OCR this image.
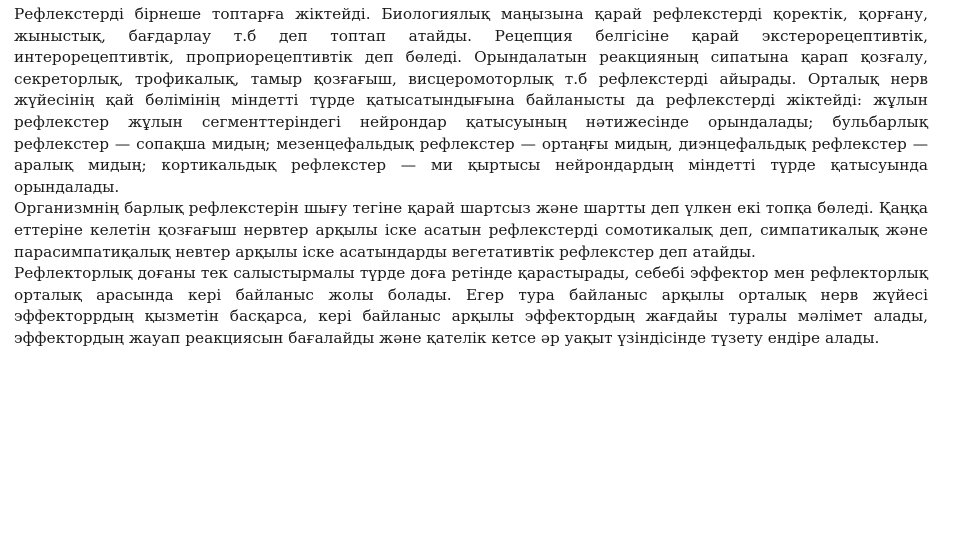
Рефлекстерді бірнеше топтарға жіктейді. Биологиялық маңызына қарай рефлекстерді қоректік, қорғану, жыныстық, бағдарлау т.б деп топтап атайды. Рецепция белгісіне қарай экстерорецептивтік, интерорецептивтік, проприорецептивтік деп бөледі. Орындалатын реакцияның сипатына қарап қозғалу, секреторлық, трофикалық, тамыр қозғағыш, висцеромоторлық т.б рефлекстерді айырады. Орталық нерв жүйесінің қай бөлімінің міндетті түрде қатысатындығына байланысты да рефлекстерді жіктейді: жұлын рефлекстер жұлын сегменттеріндегі нейрондар қатысуының нәтижесінде орындалады; бульбарлық рефлекстер — сопақша мидың; мезенцефальдық рефлекстер — ортаңғы мидың, диэнцефальдық рефлекстер — аралық мидың; кортикальдық рефлекстер — ми қыртысы нейрондардың міндетті түрде қатысуында орындалады.

Организмнің барлық рефлекстерін шығу тегіне қарай шартсыз және шартты деп үлкен екі топқа бөледі. Қаңқа еттеріне келетін қозғағыш нервтер арқылы іске асатын рефлекстерді сомотикалық деп, симпатикалық және парасимпатиқалық невтер арқылы іске асатындарды вегетативтік рефлекстер деп атайды.

Рефлекторлық доғаны тек салыстырмалы түрде доға ретінде қарастырады, себебі эффектор мен рефлекторлық орталық арасында кері байланыс жолы болады. Егер тура байланыс арқылы орталық нерв жүйесі эффекторрдың қызметін басқарса, кері байланыс арқылы эффектордың жағдайы туралы мәлімет алады, эффектордың жауап реакциясын бағалайды және қателік кетсе әр уақыт үзіндісінде түзету ендіре алады.
